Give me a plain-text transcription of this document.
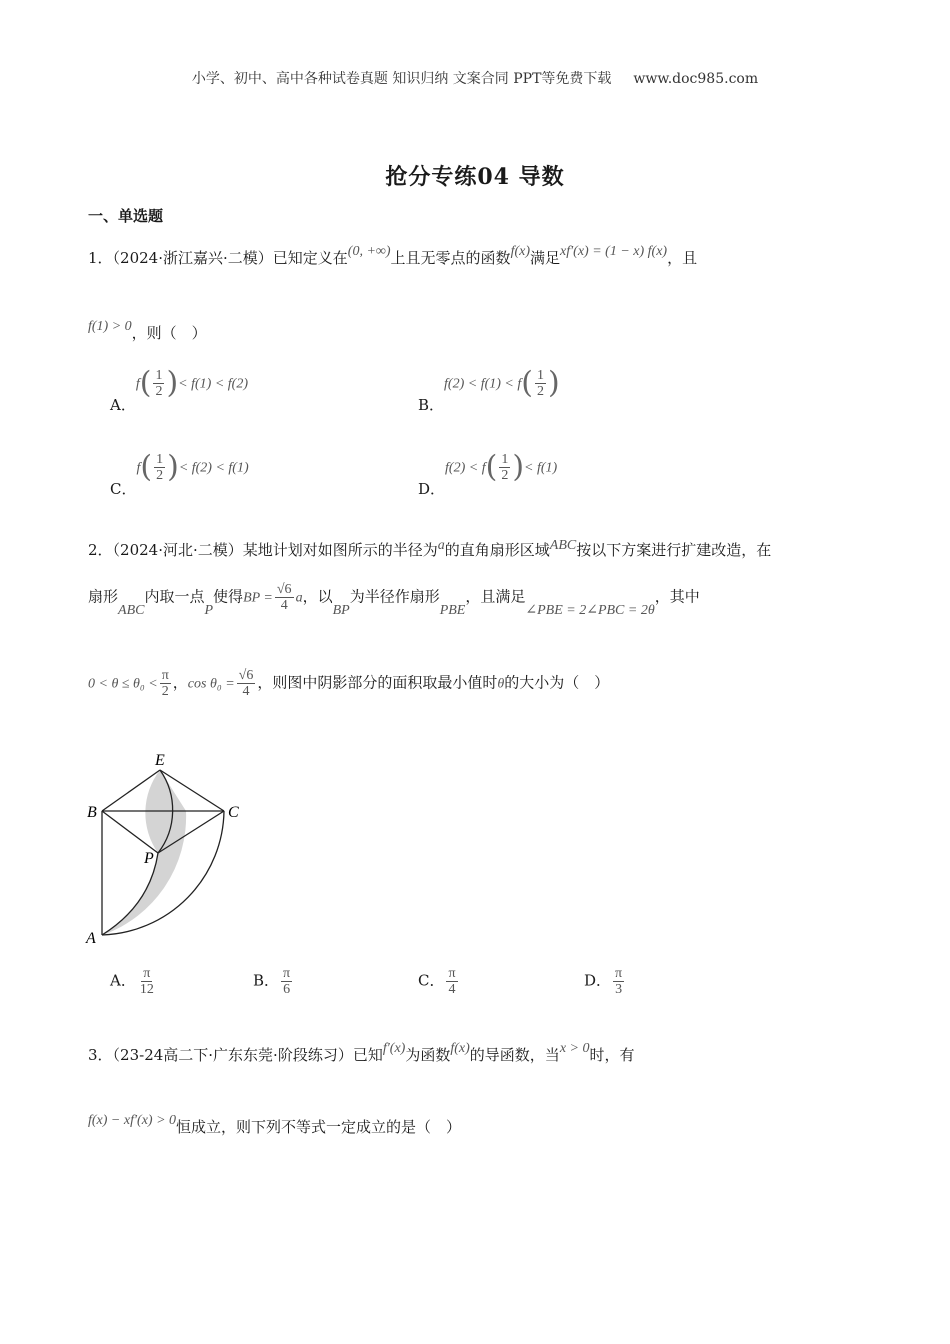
小学、初中、高中各种试卷真题 知识归纳 文案合同 PPT等免费下载 www.doc985.com
抢分专练04 导数
一、单选题
1．（2024·浙江嘉兴·二模）已知定义在(0, +∞)上且无零点的函数f(x)满足xf′(x) = (1 − x) f(x)，且
f(1) > 0，则（　）
A．$f( \frac{1}{2}$ )< f(1) < f(2)
B．$f(2) < f(1) < f( \frac{1}{2}$ )
C．$f( \frac{1}{2}$ )< f(2) < f(1)
D．$f(2) < f( \frac{1}{2}$ )< f(1)
2．（2024·河北·二模）某地计划对如图所示的半径为a的直角扇形区域ABC按以下方案进行扩建改造，在
扇形ABC内取一点P使得BP = $\frac{√6}{4}$ a，以BP为半径作扇形PBE，且满足∠PBE = 2∠PBC = 2θ，其中
$0 < \theta \le \theta_0 < \frac{\pi}{2}$ ，$\cos \theta_0 = \frac{√6}{4}$ ，则图中阴影部分的面积取最小值时θ的大小为（　）
E
B	C
P
A
A． $\frac{\pi}{12}$	B． $\frac{\pi}{6}$	C． $\frac{\pi}{4}$	D． $\frac{\pi}{3}$
3．（23-24高二下·广东东莞·阶段练习）已知f′(x)为函数f(x)的导函数，当x > 0时，有
f(x) − xf′(x) > 0恒成立，则下列不等式一定成立的是（　）
